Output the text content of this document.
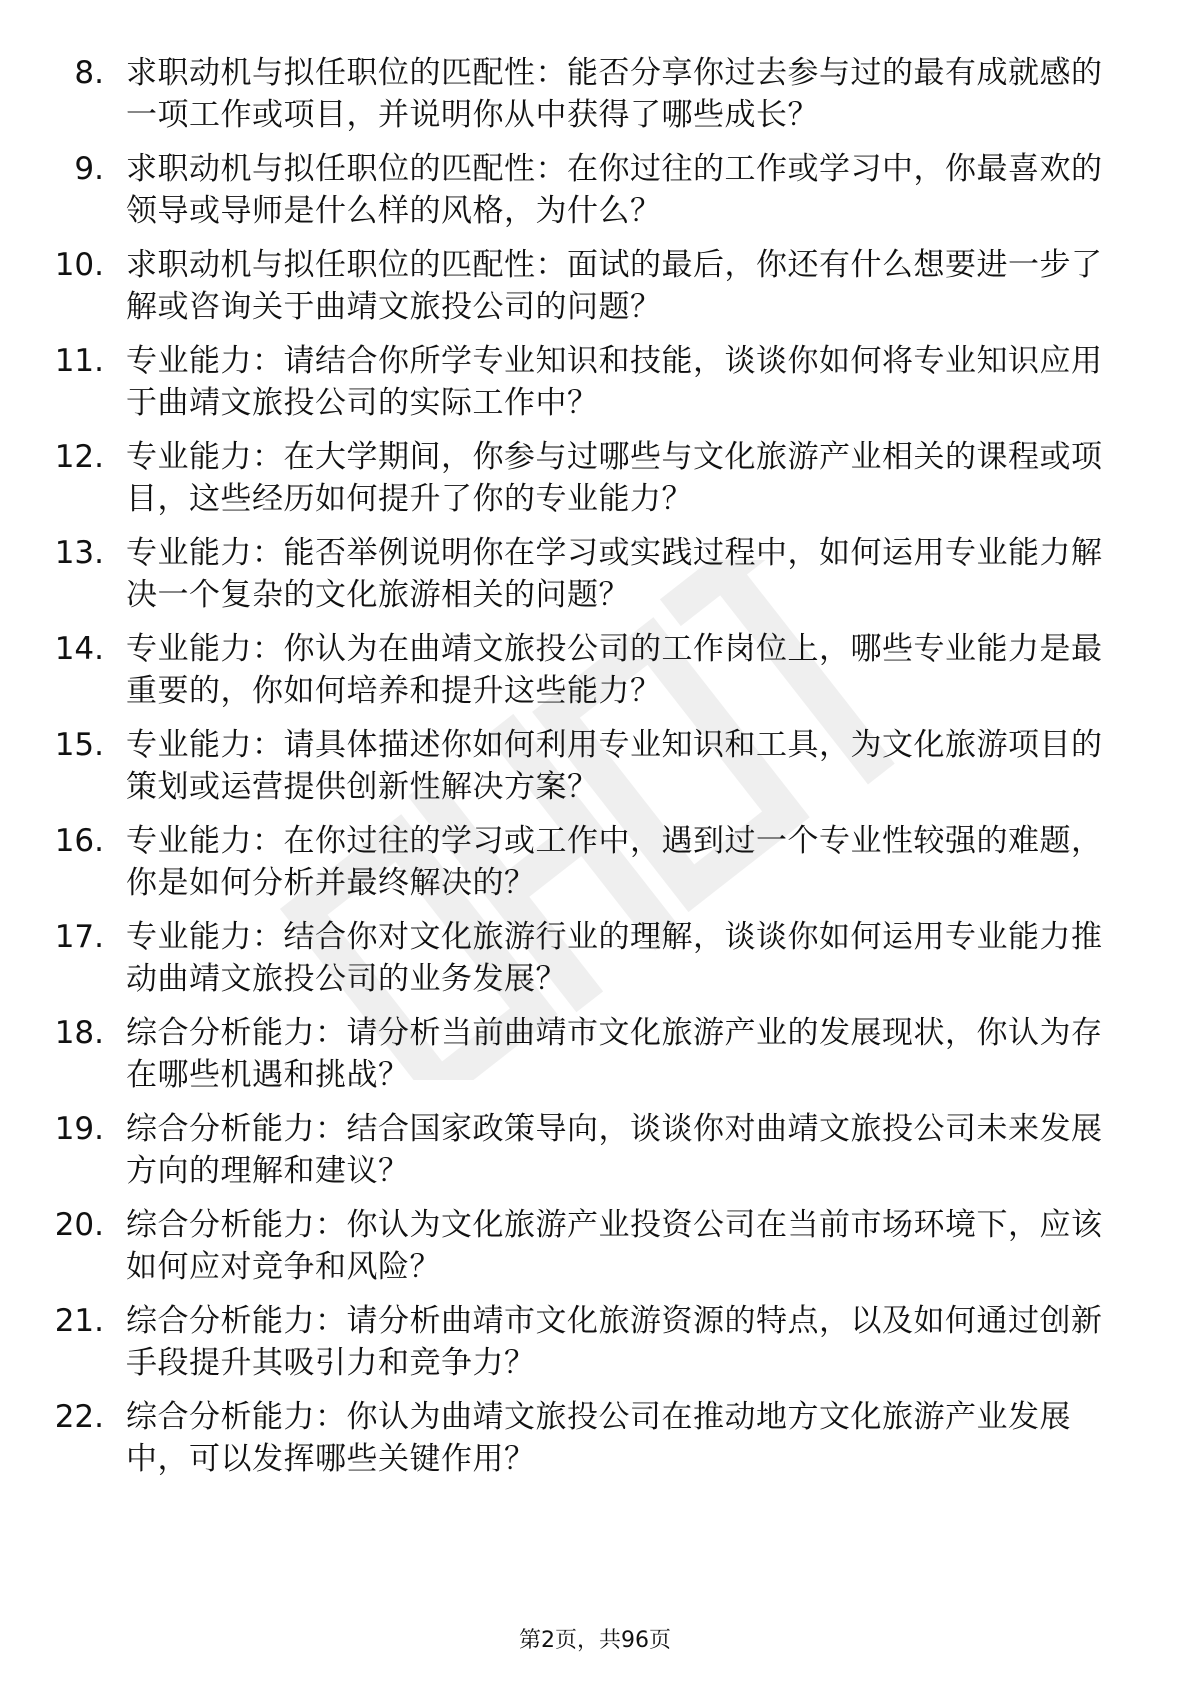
8. 求职动机与拟任职位的匹配性：能否分享你过去参与过的最有成就感的一项工作或项目，并说明你从中获得了哪些成长？
9. 求职动机与拟任职位的匹配性：在你过往的工作或学习中，你最喜欢的领导或导师是什么样的风格，为什么？
10. 求职动机与拟任职位的匹配性：面试的最后，你还有什么想要进一步了解或咨询关于曲靖文旅投公司的问题？
11. 专业能力：请结合你所学专业知识和技能，谈谈你如何将专业知识应用于曲靖文旅投公司的实际工作中？
12. 专业能力：在大学期间，你参与过哪些与文化旅游产业相关的课程或项目，这些经历如何提升了你的专业能力？
13. 专业能力：能否举例说明你在学习或实践过程中，如何运用专业能力解决一个复杂的文化旅游相关的问题？
14. 专业能力：你认为在曲靖文旅投公司的工作岗位上，哪些专业能力是最重要的，你如何培养和提升这些能力？
15. 专业能力：请具体描述你如何利用专业知识和工具，为文化旅游项目的策划或运营提供创新性解决方案？
16. 专业能力：在你过往的学习或工作中，遇到过一个专业性较强的难题，你是如何分析并最终解决的？
17. 专业能力：结合你对文化旅游行业的理解，谈谈你如何运用专业能力推动曲靖文旅投公司的业务发展？
18. 综合分析能力：请分析当前曲靖市文化旅游产业的发展现状，你认为存在哪些机遇和挑战？
19. 综合分析能力：结合国家政策导向，谈谈你对曲靖文旅投公司未来发展方向的理解和建议？
20. 综合分析能力：你认为文化旅游产业投资公司在当前市场环境下，应该如何应对竞争和风险？
21. 综合分析能力：请分析曲靖市文化旅游资源的特点，以及如何通过创新手段提升其吸引力和竞争力？
22. 综合分析能力：你认为曲靖文旅投公司在推动地方文化旅游产业发展中，可以发挥哪些关键作用？
第2页，共96页
